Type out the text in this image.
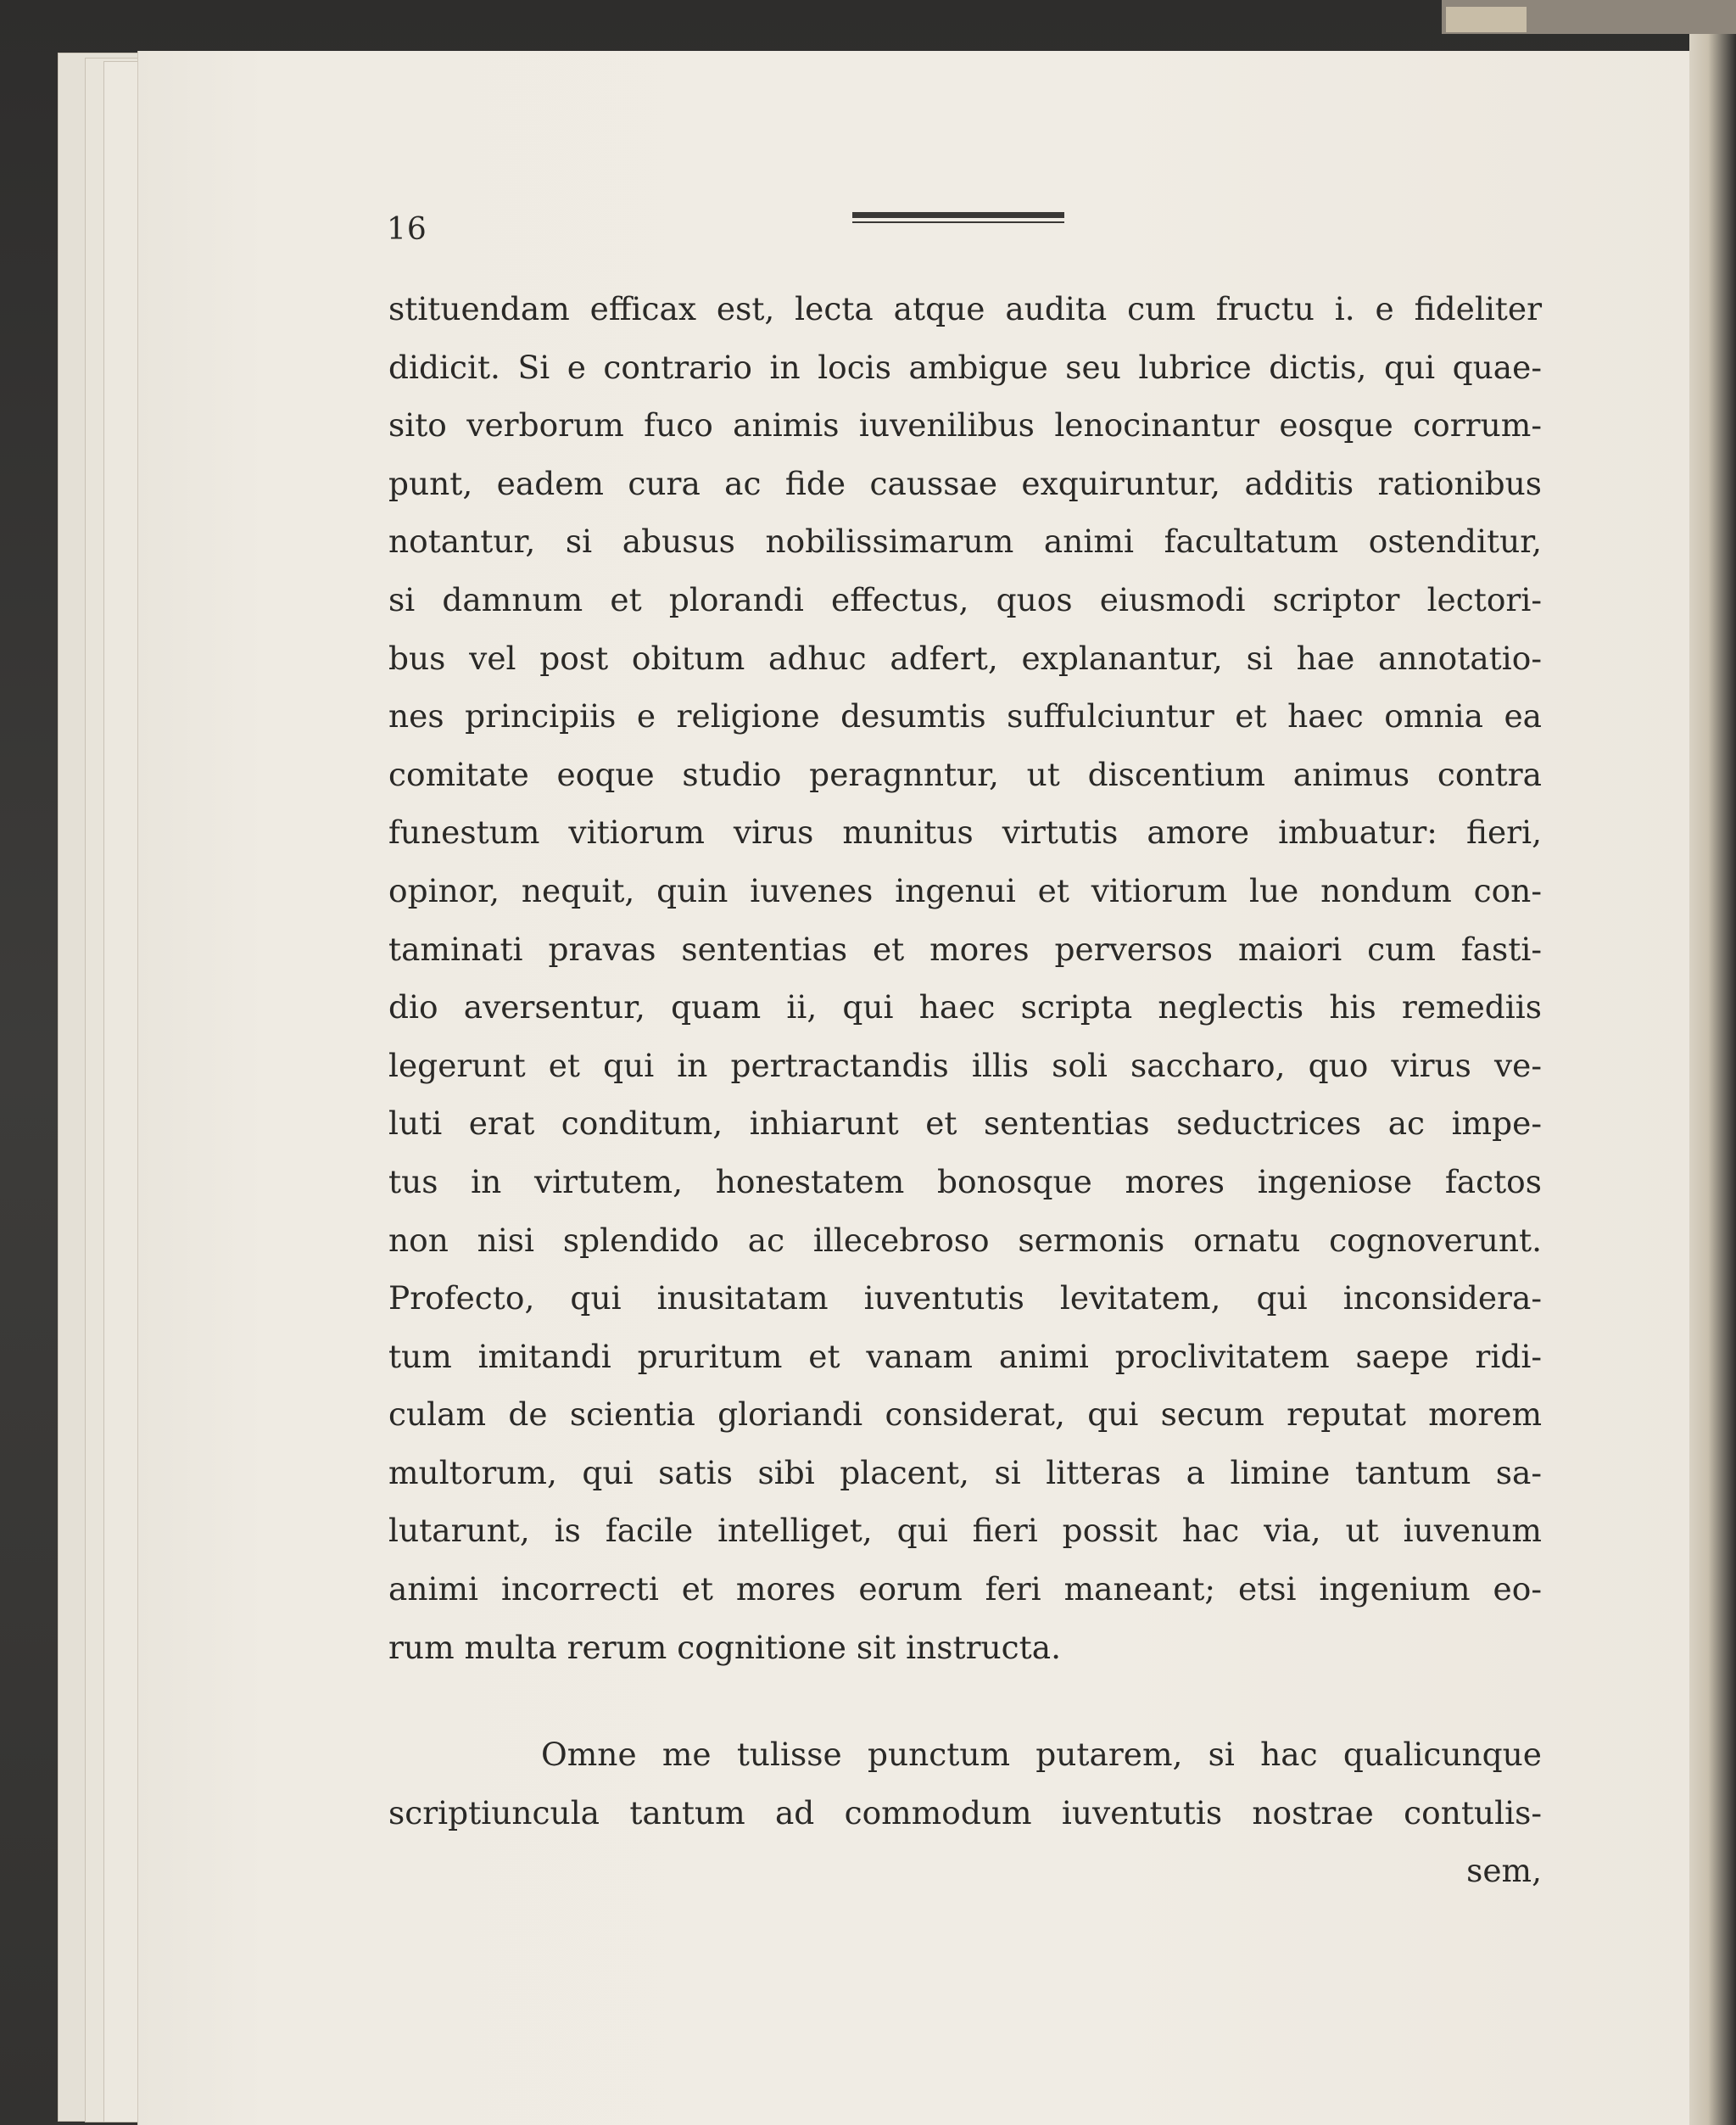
16
stituendam efficax est, lecta atque audita cum fructu i. e fideliter
didicit. Si e contrario in locis ambigue seu lubrice dictis, qui quae-
sito verborum fuco animis iuvenilibus lenocinantur eosque corrum-
punt, eadem cura ac fide caussae exquiruntur, additis rationibus
notantur, si abusus nobilissimarum animi facultatum ostenditur,
si damnum et plorandi effectus, quos eiusmodi scriptor lectori-
bus vel post obitum adhuc adfert, explanantur, si hae annotatio-
nes principiis e religione desumtis suffulciuntur et haec omnia ea
comitate eoque studio peragnntur, ut discentium animus contra
funestum vitiorum virus munitus virtutis amore imbuatur: fieri,
opinor, nequit, quin iuvenes ingenui et vitiorum lue nondum con-
taminati pravas sententias et mores perversos maiori cum fasti-
dio aversentur, quam ii, qui haec scripta neglectis his remediis
legerunt et qui in pertractandis illis soli saccharo, quo virus ve-
luti erat conditum, inhiarunt et sententias seductrices ac impe-
tus in virtutem, honestatem bonosque mores ingeniose factos
non nisi splendido ac illecebroso sermonis ornatu cognoverunt.
Profecto, qui inusitatam iuventutis levitatem, qui inconsidera-
tum imitandi pruritum et vanam animi proclivitatem saepe ridi-
culam de scientia gloriandi considerat, qui secum reputat morem
multorum, qui satis sibi placent, si litteras a limine tantum sa-
lutarunt, is facile intelliget, qui fieri possit hac via, ut iuvenum
animi incorrecti et mores eorum feri maneant; etsi ingenium eo-
rum multa rerum cognitione sit instructa.
Omne me tulisse punctum putarem, si hac qualicunque
scriptiuncula tantum ad commodum iuventutis nostrae contulis-
sem,
